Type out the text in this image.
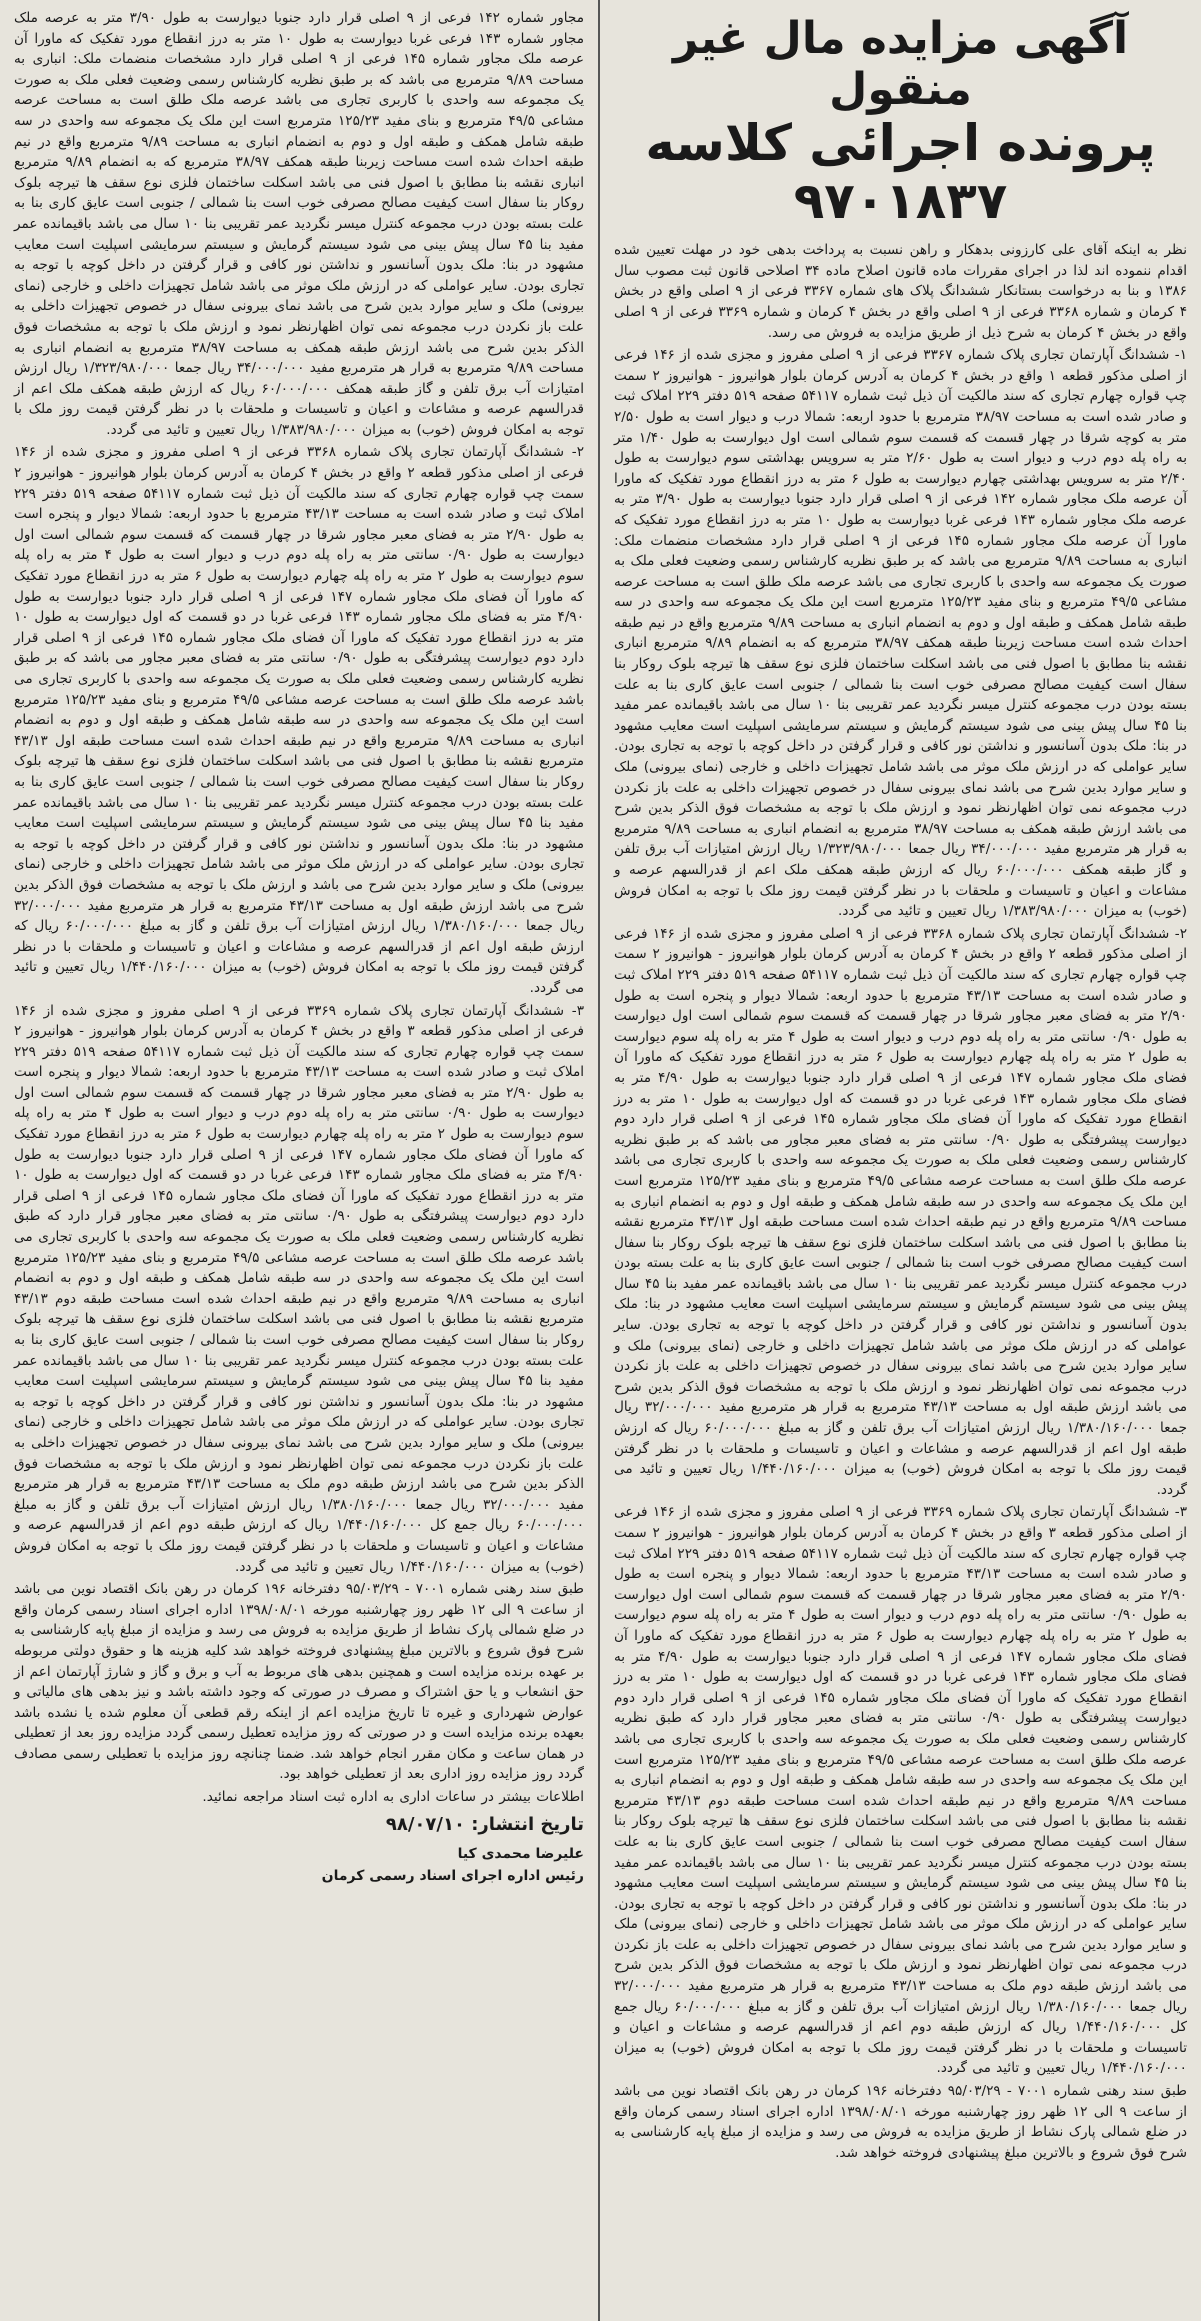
آگهی مزایده مال غیر منقول
پرونده اجرائی کلاسه ۹۷۰۱۸۳۷

نظر به اینکه آقای علی کارزونی بدهکار و راهن نسبت به پرداخت بدهی خود در مهلت تعیین شده اقدام ننموده اند لذا در اجرای مقررات ماده قانون اصلاح ماده ۳۴ اصلاحی قانون ثبت مصوب سال ۱۳۸۶ و بنا به درخواست بستانکار ششدانگ پلاک های شماره ۳۳۶۷ فرعی از ۹ اصلی واقع در بخش ۴ کرمان و شماره ۳۳۶۸ فرعی از ۹ اصلی واقع در بخش ۴ کرمان و شماره ۳۳۶۹ فرعی از ۹ اصلی واقع در بخش ۴ کرمان به شرح ذیل از طریق مزایده به فروش می رسد.

۱- ششدانگ آپارتمان تجاری پلاک شماره ۳۳۶۷ فرعی از ۹ اصلی مفروز و مجزی شده از ۱۴۶ فرعی از اصلی مذکور قطعه ۱ واقع در بخش ۴ کرمان به آدرس کرمان بلوار هوانیروز - هوانیروز ۲ سمت چپ قواره چهارم تجاری که سند مالکیت آن ذیل ثبت شماره ۵۴۱۱۷ صفحه ۵۱۹ دفتر ۲۲۹ املاک ثبت و صادر شده است به مساحت ۳۸/۹۷ مترمربع با حدود اربعه: شمالا درب و دیوار است به طول ۲/۵۰ متر به کوچه شرقا در چهار قسمت که قسمت سوم شمالی است اول دیوارست به طول ۱/۴۰ متر به راه پله دوم درب و دیوار است به طول ۲/۶۰ متر به سرویس بهداشتی سوم دیوارست به طول ۲/۴۰ متر به سرویس بهداشتی چهارم دیوارست به طول ۶ متر به درز انقطاع مورد تفکیک که ماورا آن عرصه ملک مجاور شماره ۱۴۲ فرعی از ۹ اصلی قرار دارد جنوبا دیوارست به طول ۳/۹۰ متر به عرصه ملک مجاور شماره ۱۴۳ فرعی غربا دیوارست به طول ۱۰ متر به درز انقطاع مورد تفکیک که ماورا آن عرصه ملک مجاور شماره ۱۴۵ فرعی از ۹ اصلی قرار دارد مشخصات منضمات ملک: انباری به مساحت ۹/۸۹ مترمربع می باشد که بر طبق نظریه کارشناس رسمی وضعیت فعلی ملک به صورت یک مجموعه سه واحدی با کاربری تجاری می باشد عرصه ملک طلق است به مساحت عرصه مشاعی ۴۹/۵ مترمربع و بنای مفید ۱۲۵/۲۳ مترمربع است این ملک یک مجموعه سه واحدی در سه طبقه شامل همکف و طبقه اول و دوم به انضمام انباری به مساحت ۹/۸۹ مترمربع واقع در نیم طبقه احداث شده است مساحت زیربنا طبقه همکف ۳۸/۹۷ مترمربع که به انضمام ۹/۸۹ مترمربع انباری نقشه بنا مطابق با اصول فنی می باشد اسکلت ساختمان فلزی نوع سقف ها تیرچه بلوک روکار بنا سفال است کیفیت مصالح مصرفی خوب است بنا شمالی / جنوبی است عایق کاری بنا به علت بسته بودن درب مجموعه کنترل میسر نگردید عمر تقریبی بنا ۱۰ سال می باشد باقیمانده عمر مفید بنا ۴۵ سال پیش بینی می شود سیستم گرمایش و سیستم سرمایشی اسپلیت است معایب مشهود در بنا: ملک بدون آسانسور و نداشتن نور کافی و قرار گرفتن در داخل کوچه با توجه به تجاری بودن. سایر عواملی که در ارزش ملک موثر می باشد شامل تجهیزات داخلی و خارجی (نمای بیرونی) ملک و سایر موارد بدین شرح می باشد نمای بیرونی سفال در خصوص تجهیزات داخلی به علت باز نکردن درب مجموعه نمی توان اظهارنظر نمود و ارزش ملک با توجه به مشخصات فوق الذکر بدین شرح می باشد ارزش طبقه همکف به مساحت ۳۸/۹۷ مترمربع به انضمام انباری به مساحت ۹/۸۹ مترمربع به قرار هر مترمربع مفید ۳۴/۰۰۰/۰۰۰ ریال جمعا ۱/۳۲۳/۹۸۰/۰۰۰ ریال ارزش امتیازات آب برق تلفن و گاز طبقه همکف ۶۰/۰۰۰/۰۰۰ ریال که ارزش طبقه همکف ملک اعم از قدرالسهم عرصه و مشاعات و اعیان و تاسیسات و ملحقات با در نظر گرفتن قیمت روز ملک با توجه به امکان فروش (خوب) به میزان ۱/۳۸۳/۹۸۰/۰۰۰ ریال تعیین و تائید می گردد.

۲- ششدانگ آپارتمان تجاری پلاک شماره ۳۳۶۸ فرعی از ۹ اصلی مفروز و مجزی شده از ۱۴۶ فرعی از اصلی مذکور قطعه ۲ واقع در بخش ۴ کرمان به آدرس کرمان بلوار هوانیروز - هوانیروز ۲ سمت چپ قواره چهارم تجاری که سند مالکیت آن ذیل ثبت شماره ۵۴۱۱۷ صفحه ۵۱۹ دفتر ۲۲۹ املاک ثبت و صادر شده است به مساحت ۴۳/۱۳ مترمربع با حدود اربعه: شمالا دیوار و پنجره است به طول ۲/۹۰ متر به فضای معبر مجاور شرقا در چهار قسمت که قسمت سوم شمالی است اول دیوارست به طول ۰/۹۰ سانتی متر به راه پله دوم درب و دیوار است به طول ۴ متر به راه پله سوم دیوارست به طول ۲ متر به راه پله چهارم دیوارست به طول ۶ متر به درز انقطاع مورد تفکیک که ماورا آن فضای ملک مجاور شماره ۱۴۷ فرعی از ۹ اصلی قرار دارد جنوبا دیوارست به طول ۴/۹۰ متر به فضای ملک مجاور شماره ۱۴۳ فرعی غربا در دو قسمت که اول دیوارست به طول ۱۰ متر به درز انقطاع مورد تفکیک که ماورا آن فضای ملک مجاور شماره ۱۴۵ فرعی از ۹ اصلی قرار دارد دوم دیوارست پیشرفتگی به طول ۰/۹۰ سانتی متر به فضای معبر مجاور می باشد که بر طبق نظریه کارشناس رسمی وضعیت فعلی ملک به صورت یک مجموعه سه واحدی با کاربری تجاری می باشد عرصه ملک طلق است به مساحت عرصه مشاعی ۴۹/۵ مترمربع و بنای مفید ۱۲۵/۲۳ مترمربع است این ملک یک مجموعه سه واحدی در سه طبقه شامل همکف و طبقه اول و دوم به انضمام انباری به مساحت ۹/۸۹ مترمربع واقع در نیم طبقه احداث شده است مساحت طبقه اول ۴۳/۱۳ مترمربع نقشه بنا مطابق با اصول فنی می باشد اسکلت ساختمان فلزی نوع سقف ها تیرچه بلوک روکار بنا سفال است کیفیت مصالح مصرفی خوب است بنا شمالی / جنوبی است عایق کاری بنا به علت بسته بودن درب مجموعه کنترل میسر نگردید عمر تقریبی بنا ۱۰ سال می باشد باقیمانده عمر مفید بنا ۴۵ سال پیش بینی می شود سیستم گرمایش و سیستم سرمایشی اسپلیت است معایب مشهود در بنا: ملک بدون آسانسور و نداشتن نور کافی و قرار گرفتن در داخل کوچه با توجه به تجاری بودن. سایر عواملی که در ارزش ملک موثر می باشد شامل تجهیزات داخلی و خارجی (نمای بیرونی) ملک و سایر موارد بدین شرح می باشد نمای بیرونی سفال در خصوص تجهیزات داخلی به علت باز نکردن درب مجموعه نمی توان اظهارنظر نمود و ارزش ملک با توجه به مشخصات فوق الذکر بدین شرح می باشد ارزش طبقه اول به مساحت ۴۳/۱۳ مترمربع به قرار هر مترمربع مفید ۳۲/۰۰۰/۰۰۰ ریال جمعا ۱/۳۸۰/۱۶۰/۰۰۰ ریال ارزش امتیازات آب برق تلفن و گاز به مبلغ ۶۰/۰۰۰/۰۰۰ ریال که ارزش طبقه اول اعم از قدرالسهم عرصه و مشاعات و اعیان و تاسیسات و ملحقات با در نظر گرفتن قیمت روز ملک با توجه به امکان فروش (خوب) به میزان ۱/۴۴۰/۱۶۰/۰۰۰ ریال تعیین و تائید می گردد.

۳- ششدانگ آپارتمان تجاری پلاک شماره ۳۳۶۹ فرعی از ۹ اصلی مفروز و مجزی شده از ۱۴۶ فرعی از اصلی مذکور قطعه ۳ واقع در بخش ۴ کرمان به آدرس کرمان بلوار هوانیروز - هوانیروز ۲ سمت چپ قواره چهارم تجاری که سند مالکیت آن ذیل ثبت شماره ۵۴۱۱۷ صفحه ۵۱۹ دفتر ۲۲۹ املاک ثبت و صادر شده است به مساحت ۴۳/۱۳ مترمربع با حدود اربعه: شمالا دیوار و پنجره است به طول ۲/۹۰ متر به فضای معبر مجاور شرقا در چهار قسمت که قسمت سوم شمالی است اول دیوارست به طول ۰/۹۰ سانتی متر به راه پله دوم درب و دیوار است به طول ۴ متر به راه پله سوم دیوارست به طول ۲ متر به راه پله چهارم دیوارست به طول ۶ متر به درز انقطاع مورد تفکیک که ماورا آن فضای ملک مجاور شماره ۱۴۷ فرعی از ۹ اصلی قرار دارد جنوبا دیوارست به طول ۴/۹۰ متر به فضای ملک مجاور شماره ۱۴۳ فرعی غربا در دو قسمت که اول دیوارست به طول ۱۰ متر به درز انقطاع مورد تفکیک که ماورا آن فضای ملک مجاور شماره ۱۴۵ فرعی از ۹ اصلی قرار دارد دوم دیوارست پیشرفتگی به طول ۰/۹۰ سانتی متر به فضای معبر مجاور قرار دارد که طبق نظریه کارشناس رسمی وضعیت فعلی ملک به صورت یک مجموعه سه واحدی با کاربری تجاری می باشد عرصه ملک طلق است به مساحت عرصه مشاعی ۴۹/۵ مترمربع و بنای مفید ۱۲۵/۲۳ مترمربع است این ملک یک مجموعه سه واحدی در سه طبقه شامل همکف و طبقه اول و دوم به انضمام انباری به مساحت ۹/۸۹ مترمربع واقع در نیم طبقه احداث شده است مساحت طبقه دوم ۴۳/۱۳ مترمربع نقشه بنا مطابق با اصول فنی می باشد اسکلت ساختمان فلزی نوع سقف ها تیرچه بلوک روکار بنا سفال است کیفیت مصالح مصرفی خوب است بنا شمالی / جنوبی است عایق کاری بنا به علت بسته بودن درب مجموعه کنترل میسر نگردید عمر تقریبی بنا ۱۰ سال می باشد باقیمانده عمر مفید بنا ۴۵ سال پیش بینی می شود سیستم گرمایش و سیستم سرمایشی اسپلیت است معایب مشهود در بنا: ملک بدون آسانسور و نداشتن نور کافی و قرار گرفتن در داخل کوچه با توجه به تجاری بودن. سایر عواملی که در ارزش ملک موثر می باشد شامل تجهیزات داخلی و خارجی (نمای بیرونی) ملک و سایر موارد بدین شرح می باشد نمای بیرونی سفال در خصوص تجهیزات داخلی به علت باز نکردن درب مجموعه نمی توان اظهارنظر نمود و ارزش ملک با توجه به مشخصات فوق الذکر بدین شرح می باشد ارزش طبقه دوم ملک به مساحت ۴۳/۱۳ مترمربع به قرار هر مترمربع مفید ۳۲/۰۰۰/۰۰۰ ریال جمعا ۱/۳۸۰/۱۶۰/۰۰۰ ریال ارزش امتیازات آب برق تلفن و گاز به مبلغ ۶۰/۰۰۰/۰۰۰ ریال جمع کل ۱/۴۴۰/۱۶۰/۰۰۰ ریال که ارزش طبقه دوم اعم از قدرالسهم عرصه و مشاعات و اعیان و تاسیسات و ملحقات با در نظر گرفتن قیمت روز ملک با توجه به امکان فروش (خوب) به میزان ۱/۴۴۰/۱۶۰/۰۰۰ ریال تعیین و تائید می گردد.

طبق سند رهنی شماره ۷۰۰۱ - ۹۵/۰۳/۲۹ دفترخانه ۱۹۶ کرمان در رهن بانک اقتصاد نوین می باشد از ساعت ۹ الی ۱۲ ظهر روز چهارشنبه مورخه ۱۳۹۸/۰۸/۰۱ اداره اجرای اسناد رسمی کرمان واقع در ضلع شمالی پارک نشاط از طریق مزایده به فروش می رسد و مزایده از مبلغ پایه کارشناسی به شرح فوق شروع و بالاترین مبلغ پیشنهادی فروخته خواهد شد.

مجاور شماره ۱۴۲ فرعی از ۹ اصلی قرار دارد جنوبا دیوارست به طول ۳/۹۰ متر به عرصه ملک مجاور شماره ۱۴۳ فرعی غربا دیوارست به طول ۱۰ متر به درز انقطاع مورد تفکیک که ماورا آن عرصه ملک مجاور شماره ۱۴۵ فرعی از ۹ اصلی قرار دارد مشخصات منضمات ملک: انباری به مساحت ۹/۸۹ مترمربع می باشد که بر طبق نظریه کارشناس رسمی وضعیت فعلی ملک به صورت یک مجموعه سه واحدی با کاربری تجاری می باشد عرصه ملک طلق است به مساحت عرصه مشاعی ۴۹/۵ مترمربع و بنای مفید ۱۲۵/۲۳ مترمربع است این ملک یک مجموعه سه واحدی در سه طبقه شامل همکف و طبقه اول و دوم به انضمام انباری به مساحت ۹/۸۹ مترمربع واقع در نیم طبقه احداث شده است مساحت زیربنا طبقه همکف ۳۸/۹۷ مترمربع که به انضمام ۹/۸۹ مترمربع انباری نقشه بنا مطابق با اصول فنی می باشد اسکلت ساختمان فلزی نوع سقف ها تیرچه بلوک روکار بنا سفال است کیفیت مصالح مصرفی خوب است بنا شمالی / جنوبی است عایق کاری بنا به علت بسته بودن درب مجموعه کنترل میسر نگردید عمر تقریبی بنا ۱۰ سال می باشد باقیمانده عمر مفید بنا ۴۵ سال پیش بینی می شود سیستم گرمایش و سیستم سرمایشی اسپلیت است معایب مشهود در بنا: ملک بدون آسانسور و نداشتن نور کافی و قرار گرفتن در داخل کوچه با توجه به تجاری بودن. سایر عواملی که در ارزش ملک موثر می باشد شامل تجهیزات داخلی و خارجی (نمای بیرونی) ملک و سایر موارد بدین شرح می باشد نمای بیرونی سفال در خصوص تجهیزات داخلی به علت باز نکردن درب مجموعه نمی توان اظهارنظر نمود و ارزش ملک با توجه به مشخصات فوق الذکر بدین شرح می باشد ارزش طبقه همکف به مساحت ۳۸/۹۷ مترمربع به انضمام انباری به مساحت ۹/۸۹ مترمربع به قرار هر مترمربع مفید ۳۴/۰۰۰/۰۰۰ ریال جمعا ۱/۳۲۳/۹۸۰/۰۰۰ ریال ارزش امتیازات آب برق تلفن و گاز طبقه همکف ۶۰/۰۰۰/۰۰۰ ریال که ارزش طبقه همکف ملک اعم از قدرالسهم عرصه و مشاعات و اعیان و تاسیسات و ملحقات با در نظر گرفتن قیمت روز ملک با توجه به امکان فروش (خوب) به میزان ۱/۳۸۳/۹۸۰/۰۰۰ ریال تعیین و تائید می گردد.

۲- ششدانگ آپارتمان تجاری پلاک شماره ۳۳۶۸ فرعی از ۹ اصلی مفروز و مجزی شده از ۱۴۶ فرعی از اصلی مذکور قطعه ۲ واقع در بخش ۴ کرمان به آدرس کرمان بلوار هوانیروز - هوانیروز ۲ سمت چپ قواره چهارم تجاری که سند مالکیت آن ذیل ثبت شماره ۵۴۱۱۷ صفحه ۵۱۹ دفتر ۲۲۹ املاک ثبت و صادر شده است به مساحت ۴۳/۱۳ مترمربع با حدود اربعه: شمالا دیوار و پنجره است به طول ۲/۹۰ متر به فضای معبر مجاور شرقا در چهار قسمت که قسمت سوم شمالی است اول دیوارست به طول ۰/۹۰ سانتی متر به راه پله دوم درب و دیوار است به طول ۴ متر به راه پله سوم دیوارست به طول ۲ متر به راه پله چهارم دیوارست به طول ۶ متر به درز انقطاع مورد تفکیک که ماورا آن فضای ملک مجاور شماره ۱۴۷ فرعی از ۹ اصلی قرار دارد جنوبا دیوارست به طول ۴/۹۰ متر به فضای ملک مجاور شماره ۱۴۳ فرعی غربا در دو قسمت که اول دیوارست به طول ۱۰ متر به درز انقطاع مورد تفکیک که ماورا آن فضای ملک مجاور شماره ۱۴۵ فرعی از ۹ اصلی قرار دارد دوم دیوارست پیشرفتگی به طول ۰/۹۰ سانتی متر به فضای معبر مجاور می باشد که بر طبق نظریه کارشناس رسمی وضعیت فعلی ملک به صورت یک مجموعه سه واحدی با کاربری تجاری می باشد عرصه ملک طلق است به مساحت عرصه مشاعی ۴۹/۵ مترمربع و بنای مفید ۱۲۵/۲۳ مترمربع است این ملک یک مجموعه سه واحدی در سه طبقه شامل همکف و طبقه اول و دوم به انضمام انباری به مساحت ۹/۸۹ مترمربع واقع در نیم طبقه احداث شده است مساحت طبقه اول ۴۳/۱۳ مترمربع نقشه بنا مطابق با اصول فنی می باشد اسکلت ساختمان فلزی نوع سقف ها تیرچه بلوک روکار بنا سفال است کیفیت مصالح مصرفی خوب است بنا شمالی / جنوبی است عایق کاری بنا به علت بسته بودن درب مجموعه کنترل میسر نگردید عمر تقریبی بنا ۱۰ سال می باشد باقیمانده عمر مفید بنا ۴۵ سال پیش بینی می شود سیستم گرمایش و سیستم سرمایشی اسپلیت است معایب مشهود در بنا: ملک بدون آسانسور و نداشتن نور کافی و قرار گرفتن در داخل کوچه با توجه به تجاری بودن. سایر عواملی که در ارزش ملک موثر می باشد شامل تجهیزات داخلی و خارجی (نمای بیرونی) ملک و سایر موارد بدین شرح می باشد و ارزش ملک با توجه به مشخصات فوق الذکر بدین شرح می باشد ارزش طبقه اول به مساحت ۴۳/۱۳ مترمربع به قرار هر مترمربع مفید ۳۲/۰۰۰/۰۰۰ ریال جمعا ۱/۳۸۰/۱۶۰/۰۰۰ ریال ارزش امتیازات آب برق تلفن و گاز به مبلغ ۶۰/۰۰۰/۰۰۰ ریال که ارزش طبقه اول اعم از قدرالسهم عرصه و مشاعات و اعیان و تاسیسات و ملحقات با در نظر گرفتن قیمت روز ملک با توجه به امکان فروش (خوب) به میزان ۱/۴۴۰/۱۶۰/۰۰۰ ریال تعیین و تائید می گردد.

۳- ششدانگ آپارتمان تجاری پلاک شماره ۳۳۶۹ فرعی از ۹ اصلی مفروز و مجزی شده از ۱۴۶ فرعی از اصلی مذکور قطعه ۳ واقع در بخش ۴ کرمان به آدرس کرمان بلوار هوانیروز - هوانیروز ۲ سمت چپ قواره چهارم تجاری که سند مالکیت آن ذیل ثبت شماره ۵۴۱۱۷ صفحه ۵۱۹ دفتر ۲۲۹ املاک ثبت و صادر شده است به مساحت ۴۳/۱۳ مترمربع با حدود اربعه: شمالا دیوار و پنجره است به طول ۲/۹۰ متر به فضای معبر مجاور شرقا در چهار قسمت که قسمت سوم شمالی است اول دیوارست به طول ۰/۹۰ سانتی متر به راه پله دوم درب و دیوار است به طول ۴ متر به راه پله سوم دیوارست به طول ۲ متر به راه پله چهارم دیوارست به طول ۶ متر به درز انقطاع مورد تفکیک که ماورا آن فضای ملک مجاور شماره ۱۴۷ فرعی از ۹ اصلی قرار دارد جنوبا دیوارست به طول ۴/۹۰ متر به فضای ملک مجاور شماره ۱۴۳ فرعی غربا در دو قسمت که اول دیوارست به طول ۱۰ متر به درز انقطاع مورد تفکیک که ماورا آن فضای ملک مجاور شماره ۱۴۵ فرعی از ۹ اصلی قرار دارد دوم دیوارست پیشرفتگی به طول ۰/۹۰ سانتی متر به فضای معبر مجاور قرار دارد که طبق نظریه کارشناس رسمی وضعیت فعلی ملک به صورت یک مجموعه سه واحدی با کاربری تجاری می باشد عرصه ملک طلق است به مساحت عرصه مشاعی ۴۹/۵ مترمربع و بنای مفید ۱۲۵/۲۳ مترمربع است این ملک یک مجموعه سه واحدی در سه طبقه شامل همکف و طبقه اول و دوم به انضمام انباری به مساحت ۹/۸۹ مترمربع واقع در نیم طبقه احداث شده است مساحت طبقه دوم ۴۳/۱۳ مترمربع نقشه بنا مطابق با اصول فنی می باشد اسکلت ساختمان فلزی نوع سقف ها تیرچه بلوک روکار بنا سفال است کیفیت مصالح مصرفی خوب است بنا شمالی / جنوبی است عایق کاری بنا به علت بسته بودن درب مجموعه کنترل میسر نگردید عمر تقریبی بنا ۱۰ سال می باشد باقیمانده عمر مفید بنا ۴۵ سال پیش بینی می شود سیستم گرمایش و سیستم سرمایشی اسپلیت است معایب مشهود در بنا: ملک بدون آسانسور و نداشتن نور کافی و قرار گرفتن در داخل کوچه با توجه به تجاری بودن. سایر عواملی که در ارزش ملک موثر می باشد شامل تجهیزات داخلی و خارجی (نمای بیرونی) ملک و سایر موارد بدین شرح می باشد نمای بیرونی سفال در خصوص تجهیزات داخلی به علت باز نکردن درب مجموعه نمی توان اظهارنظر نمود و ارزش ملک با توجه به مشخصات فوق الذکر بدین شرح می باشد ارزش طبقه دوم ملک به مساحت ۴۳/۱۳ مترمربع به قرار هر مترمربع مفید ۳۲/۰۰۰/۰۰۰ ریال جمعا ۱/۳۸۰/۱۶۰/۰۰۰ ریال ارزش امتیازات آب برق تلفن و گاز به مبلغ ۶۰/۰۰۰/۰۰۰ ریال جمع کل ۱/۴۴۰/۱۶۰/۰۰۰ ریال که ارزش طبقه دوم اعم از قدرالسهم عرصه و مشاعات و اعیان و تاسیسات و ملحقات با در نظر گرفتن قیمت روز ملک با توجه به امکان فروش (خوب) به میزان ۱/۴۴۰/۱۶۰/۰۰۰ ریال تعیین و تائید می گردد.

طبق سند رهنی شماره ۷۰۰۱ - ۹۵/۰۳/۲۹ دفترخانه ۱۹۶ کرمان در رهن بانک اقتصاد نوین می باشد از ساعت ۹ الی ۱۲ ظهر روز چهارشنبه مورخه ۱۳۹۸/۰۸/۰۱ اداره اجرای اسناد رسمی کرمان واقع در ضلع شمالی پارک نشاط از طریق مزایده به فروش می رسد و مزایده از مبلغ پایه کارشناسی به شرح فوق شروع و بالاترین مبلغ پیشنهادی فروخته خواهد شد کلیه هزینه ها و حقوق دولتی مربوطه بر عهده برنده مزایده است و همچنین بدهی های مربوط به آب و برق و گاز و شارژ آپارتمان اعم از حق انشعاب و یا حق اشتراک و مصرف در صورتی که وجود داشته باشد و نیز بدهی های مالیاتی و عوارض شهرداری و غیره تا تاریخ مزایده اعم از اینکه رقم قطعی آن معلوم شده یا نشده باشد بعهده برنده مزایده است و در صورتی که روز مزایده تعطیل رسمی گردد مزایده روز بعد از تعطیلی در همان ساعت و مکان مقرر انجام خواهد شد. ضمنا چنانچه روز مزایده با تعطیلی رسمی مصادف گردد روز مزایده روز اداری بعد از تعطیلی خواهد بود.

اطلاعات بیشتر در ساعات اداری به اداره ثبت اسناد مراجعه نمائید.

تاریخ انتشار: ۹۸/۰۷/۱۰
علیرضا محمدی کیا
رئیس اداره اجرای اسناد رسمی کرمان
